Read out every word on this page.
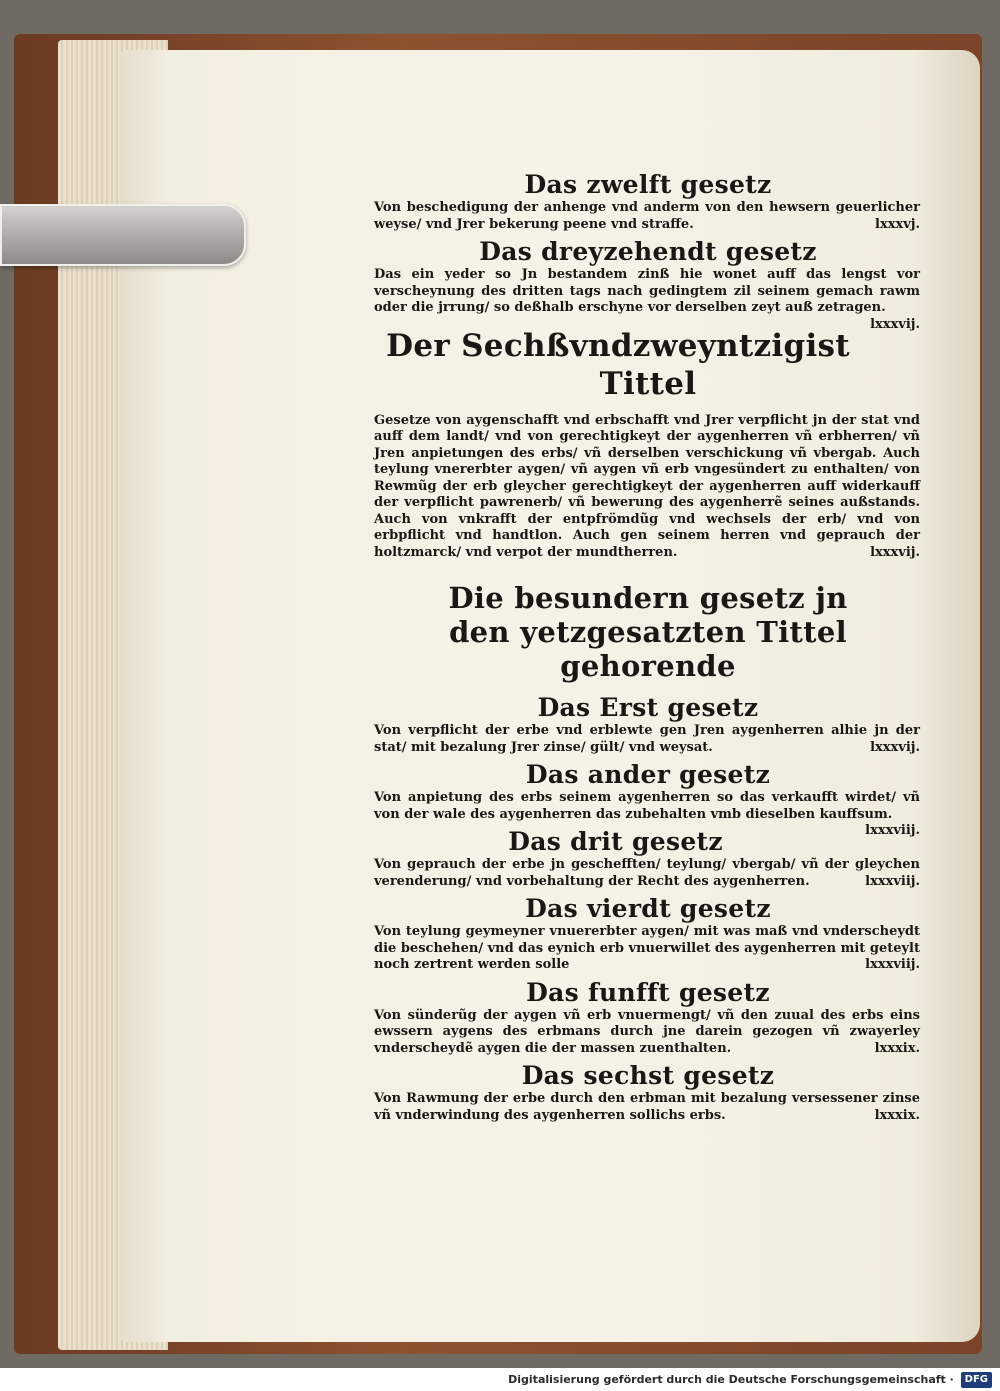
Das zwelft gesetz
Von beschedigung der anhenge vnd anderm von den hewsern geuerlicher weyse/ vnd Jrer bekerung peene vnd straffe.	lxxxvj.
Das dreyzehendt gesetz
Das ein yeder so Jn bestandem zinß hie wonet auff das lengst vor verscheynung des dritten tags nach gedingtem zil seinem gemach rawm oder die jrrung/ so deßhalb erschyne vor derselben zeyt auß zetragen.
lxxxvij.
Der Sechßvndzweyntzigist Tittel
Gesetze von aygenschafft vnd erbschafft vnd Jrer verpflicht jn der stat vnd auff dem landt/ vnd von gerechtigkeyt der aygenherren vñ erbherren/ vñ Jren anpietungen des erbs/ vñ derselben verschickung vñ vbergab. Auch teylung vnererbter aygen/ vñ aygen vñ erb vngesündert zu enthalten/ von Rewmũg der erb gleycher gerechtigkeyt der aygenherren auff widerkauff der verpflicht pawrenerb/ vñ bewerung des aygenherrẽ seines außstands. Auch von vnkrafft der entpfrömdũg vnd wechsels der erb/ vnd von erbpflicht vnd handtlon. Auch gen seinem herren vnd geprauch der holtzmarck/ vnd verpot der mundtherren.	lxxxvij.
Die besundern gesetz jn den yetzgesatzten Tittel gehorende
Das Erst gesetz
Von verpflicht der erbe vnd erblewte gen Jren aygenherren alhie jn der stat/ mit bezalung Jrer zinse/ gült/ vnd weysat.	lxxxvij.
Das ander gesetz
Von anpietung des erbs seinem aygenherren so das verkaufft wirdet/ vñ von der wale des aygenherren das zubehalten vmb dieselben kauffsum.
lxxxviij.
Das drit gesetz
Von geprauch der erbe jn geschefften/ teylung/ vbergab/ vñ der gleychen verenderung/ vnd vorbehaltung der Recht des aygenherren.	lxxxviij.
Das vierdt gesetz
Von teylung geymeyner vnuererbter aygen/ mit was maß vnd vnderscheydt die beschehen/ vnd das eynich erb vnuerwillet des aygenherren mit geteylt noch zertrent werden solle	lxxxviij.
Das funfft gesetz
Von sünderũg der aygen vñ erb vnuermengt/ vñ den zuual des erbs eins ewssern aygens des erbmans durch jne darein gezogen vñ zwayerley vnderscheydẽ aygen die der massen zuenthalten.	lxxxix.
Das sechst gesetz
Von Rawmung der erbe durch den erbman mit bezalung versessener zinse vñ vnderwindung des aygenherren sollichs erbs.	lxxxix.
Digitalisierung gefördert durch die Deutsche Forschungsgemeinschaft · DFG
